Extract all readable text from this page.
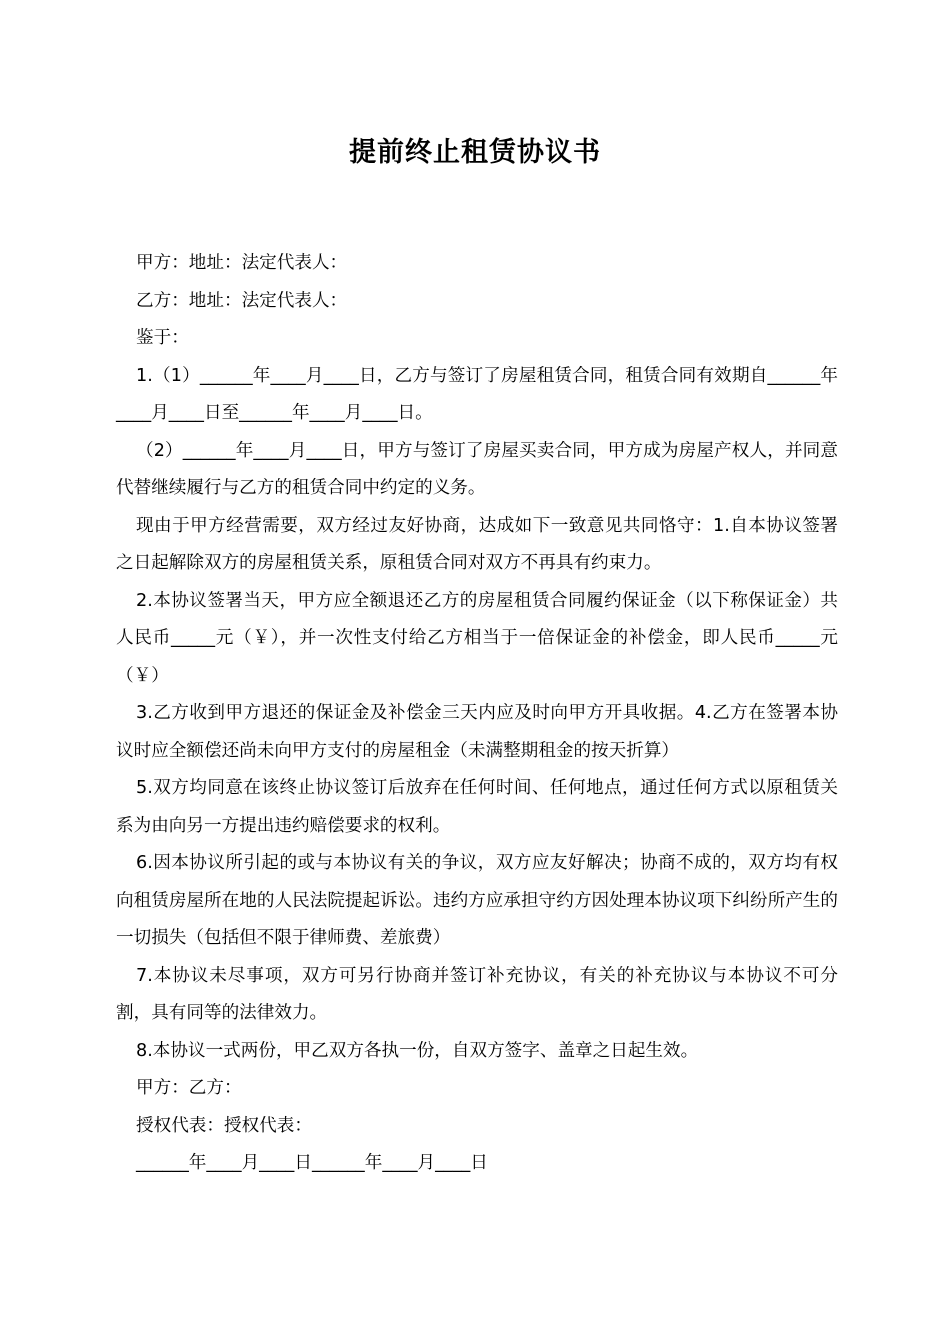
提前终止租赁协议书

甲方：地址：法定代表人：

乙方：地址：法定代表人：

鉴于：

1.（1）______年____月____日，乙方与签订了房屋租赁合同，租赁合同有效期自______年____月____日至______年____月____日。

（2）______年____月____日，甲方与签订了房屋买卖合同，甲方成为房屋产权人，并同意代替继续履行与乙方的租赁合同中约定的义务。

现由于甲方经营需要，双方经过友好协商，达成如下一致意见共同恪守：1.自本协议签署之日起解除双方的房屋租赁关系，原租赁合同对双方不再具有约束力。

2.本协议签署当天，甲方应全额退还乙方的房屋租赁合同履约保证金（以下称保证金）共人民币_____元（￥），并一次性支付给乙方相当于一倍保证金的补偿金，即人民币_____元（￥）

3.乙方收到甲方退还的保证金及补偿金三天内应及时向甲方开具收据。4.乙方在签署本协议时应全额偿还尚未向甲方支付的房屋租金（未满整期租金的按天折算）

5.双方均同意在该终止协议签订后放弃在任何时间、任何地点，通过任何方式以原租赁关系为由向另一方提出违约赔偿要求的权利。

6.因本协议所引起的或与本协议有关的争议，双方应友好解决；协商不成的，双方均有权向租赁房屋所在地的人民法院提起诉讼。违约方应承担守约方因处理本协议项下纠纷所产生的一切损失（包括但不限于律师费、差旅费）

7.本协议未尽事项，双方可另行协商并签订补充协议，有关的补充协议与本协议不可分割，具有同等的法律效力。

8.本协议一式两份，甲乙双方各执一份，自双方签字、盖章之日起生效。

甲方：乙方：

授权代表：授权代表：

______年____月____日______年____月____日
